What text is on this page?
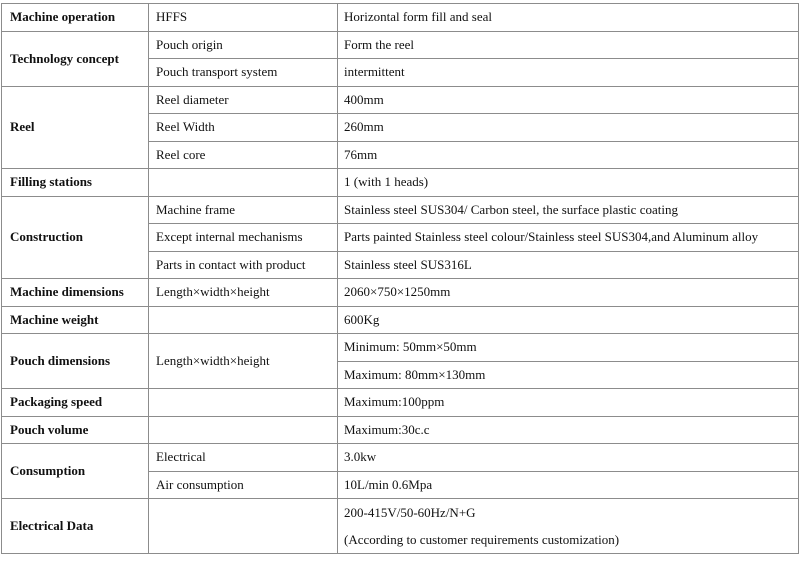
Machine operation	HFFS	Horizontal form fill and seal
Technology concept	Pouch origin	Form the reel
	Pouch transport system	intermittent
Reel	Reel diameter	400mm
	Reel Width	260mm
	Reel core	76mm
Filling stations		1 (with 1 heads)
Construction	Machine frame	Stainless steel SUS304/ Carbon steel, the surface plastic coating
	Except internal mechanisms	Parts painted Stainless steel colour/Stainless steel SUS304,and Aluminum alloy
	Parts in contact with product	Stainless steel SUS316L
Machine dimensions	Length×width×height	2060×750×1250mm
Machine weight		600Kg
Pouch dimensions	Length×width×height	Minimum: 50mm×50mm
		Maximum: 80mm×130mm
Packaging speed		Maximum:100ppm
Pouch volume		Maximum:30c.c
Consumption	Electrical	3.0kw
	Air consumption	10L/min 0.6Mpa
Electrical Data		200-415V/50-60Hz/N+G
(According to customer requirements customization)
